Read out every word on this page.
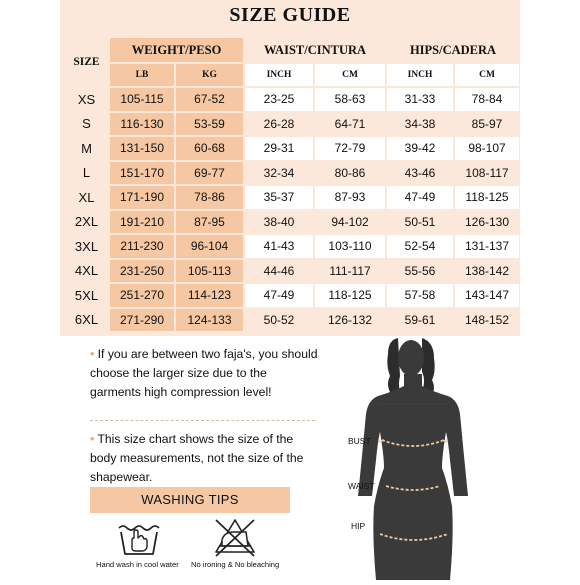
SIZE GUIDE
SIZE	WEIGHT/PESO		WAIST/CINTURA		HIPS/CADERA	
	LB	KG	INCH	CM	INCH	CM
XS	105-115	67-52	23-25	58-63	31-33	78-84
S	116-130	53-59	26-28	64-71	34-38	85-97
M	131-150	60-68	29-31	72-79	39-42	98-107
L	151-170	69-77	32-34	80-86	43-46	108-117
XL	171-190	78-86	35-37	87-93	47-49	118-125
2XL	191-210	87-95	38-40	94-102	50-51	126-130
3XL	211-230	96-104	41-43	103-110	52-54	131-137
4XL	231-250	105-113	44-46	111-117	55-56	138-142
5XL	251-270	114-123	47-49	118-125	57-58	143-147
6XL	271-290	124-133	50-52	126-132	59-61	148-152
• If you are between two faja's, you should choose the larger size due to the garments high compression level!
• This size chart shows the size of the body measurements, not the size of the shapewear.
WASHING TIPS
Hand wash in cool water No ironing & No bleaching
BUST
WAIST
HIP
